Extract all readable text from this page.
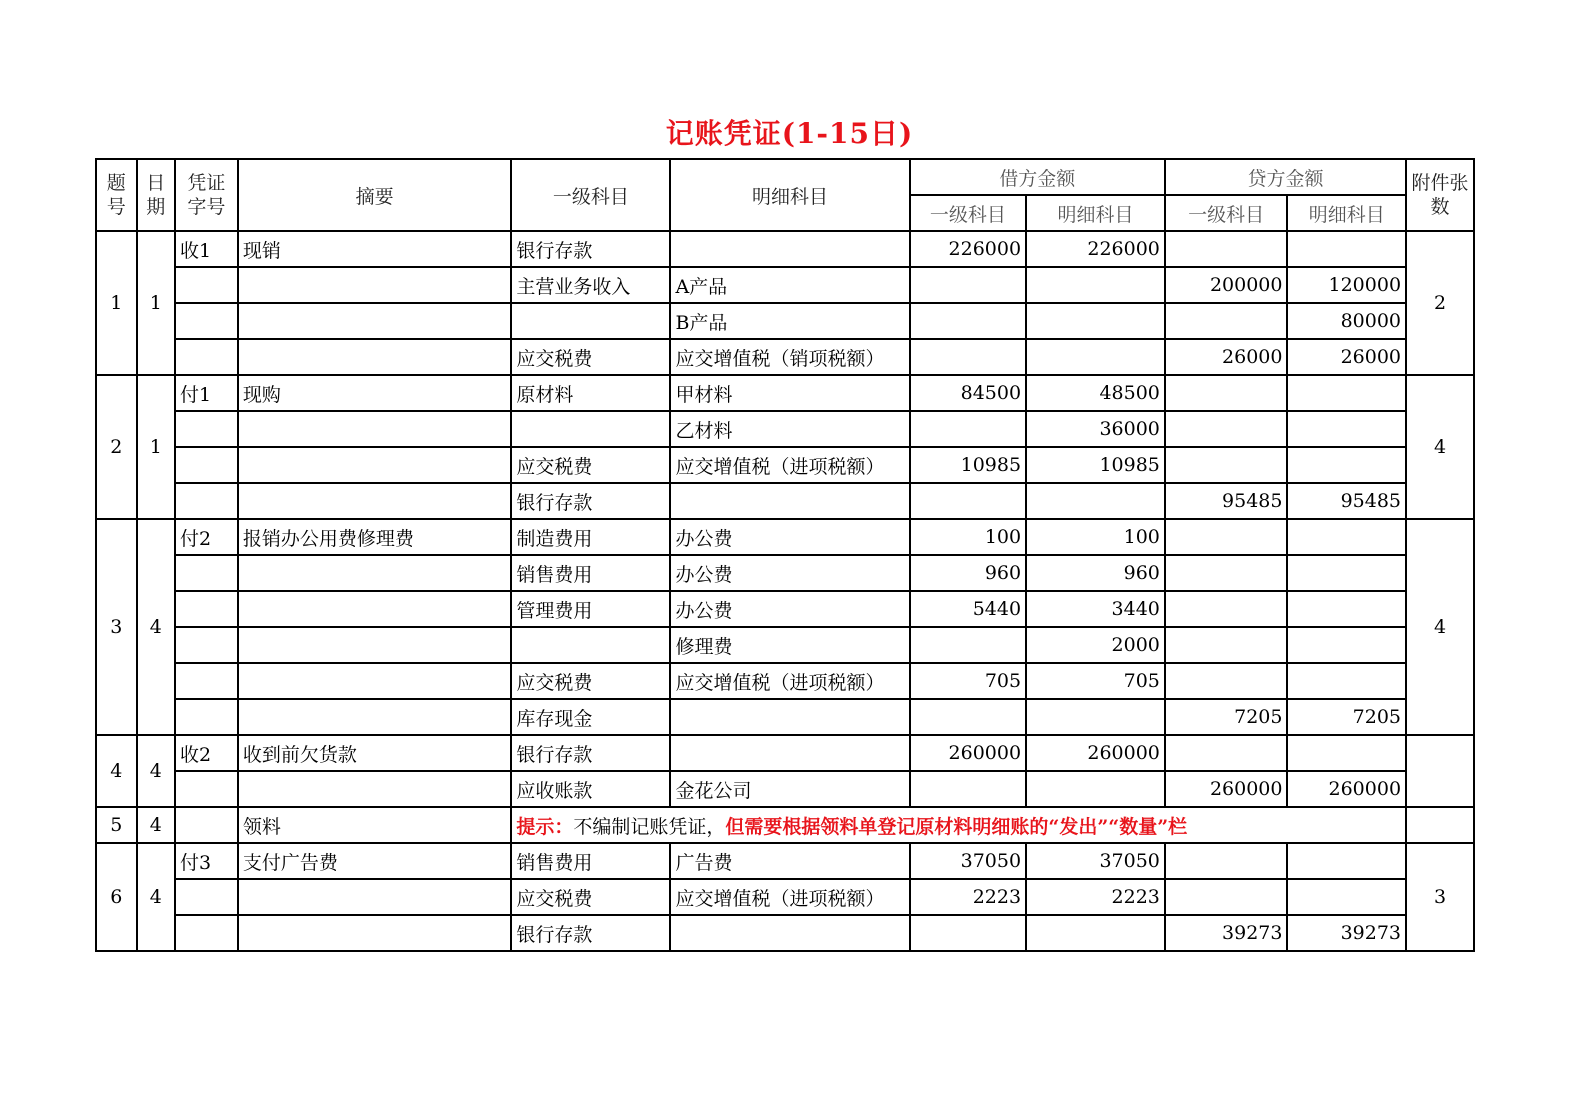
记账凭证(1-15日)
题号	日期	凭证字号	摘要	一级科目	明细科目	借方金额		贷方金额		附件张数
						一级科目	明细科目	一级科目	明细科目	
1	1	收1	现销	银行存款		226000	226000			2
				主营业务收入	A产品			200000	120000	
					B产品				80000	
				应交税费	应交增值税（销项税额）			26000	26000	
2	1	付1	现购	原材料	甲材料	84500	48500			4
					乙材料		36000			
				应交税费	应交增值税（进项税额）	10985	10985			
				银行存款				95485	95485	
3	4	付2	报销办公用费修理费	制造费用	办公费	100	100			4
				销售费用	办公费	960	960			
				管理费用	办公费	5440	3440			
					修理费		2000			
				应交税费	应交增值税（进项税额）	705	705			
				库存现金				7205	7205	
4	4	收2	收到前欠货款	银行存款		260000	260000			
				应收账款	金花公司			260000	260000	
5	4		领料	提示：不编制记账凭证，但需要根据领料单登记原材料明细账的“发出”“数量”栏						
6	4	付3	支付广告费	销售费用	广告费	37050	37050			3
				应交税费	应交增值税（进项税额）	2223	2223			
				银行存款				39273	39273	
